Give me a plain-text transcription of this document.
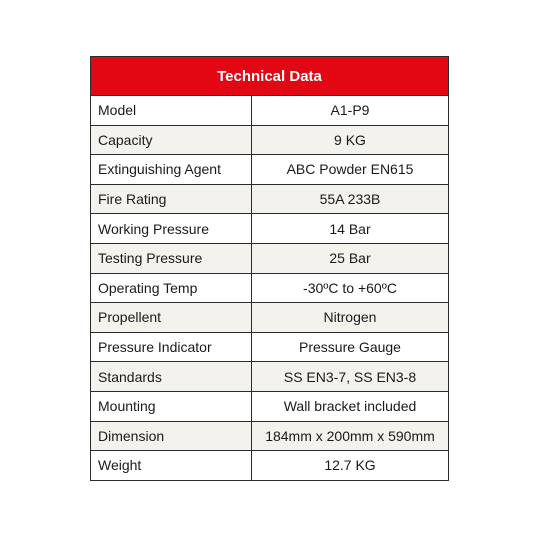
Technical Data	
Model	A1-P9
Capacity	9 KG
Extinguishing Agent	ABC Powder EN615
Fire Rating	55A 233B
Working Pressure	14 Bar
Testing Pressure	25 Bar
Operating Temp	-30ºC to +60ºC
Propellent	Nitrogen
Pressure Indicator	Pressure Gauge
Standards	SS EN3-7, SS EN3-8
Mounting	Wall bracket included
Dimension	184mm x 200mm x 590mm
Weight	12.7 KG
